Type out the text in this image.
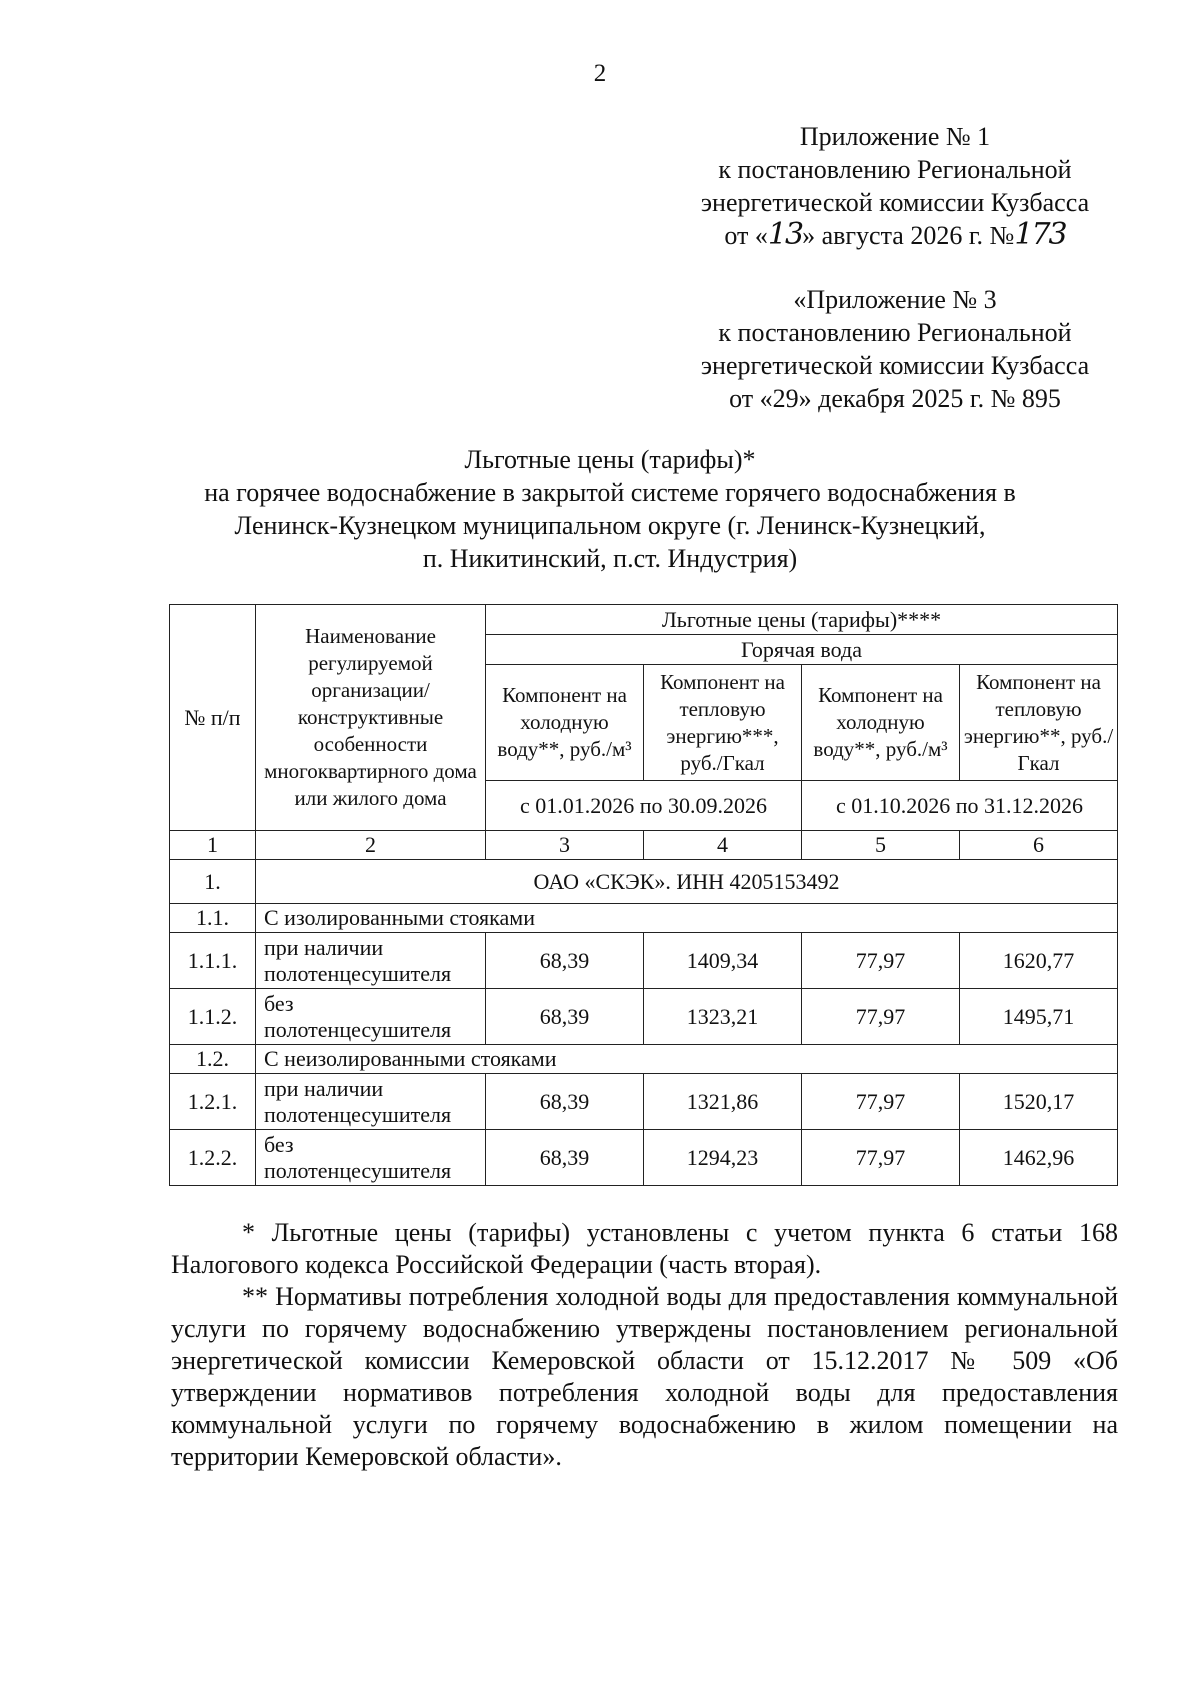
2
Приложение № 1
к постановлению Региональной
энергетической комиссии Кузбасса
от «13» августа 2026 г. №173
«Приложение № 3
к постановлению Региональной
энергетической комиссии Кузбасса
от «29» декабря 2025 г. № 895
Льготные цены (тарифы)*
на горячее водоснабжение в закрытой системе горячего водоснабжения в
Ленинск-Кузнецком муниципальном округе (г. Ленинск-Кузнецкий,
п. Никитинский, п.ст. Индустрия)
№ п/п	Наименование регулируемой организации/ конструктивные особенности многоквартирного дома или жилого дома	Льготные цены (тарифы)****			
		Горячая вода			
		Компонент на холодную воду**, руб./м³	Компонент на тепловую энергию***, руб./Гкал	Компонент на холодную воду**, руб./м³	Компонент на тепловую энергию**, руб./Гкал
		с 01.01.2026 по 30.09.2026		с 01.10.2026 по 31.12.2026	
1	2	3	4	5	6
1.	ОАО «СКЭК». ИНН 4205153492				
1.1.	С изолированными стояками				
1.1.1.	при наличии полотенцесушителя	68,39	1409,34	77,97	1620,77
1.1.2.	без полотенцесушителя	68,39	1323,21	77,97	1495,71
1.2.	С неизолированными стояками				
1.2.1.	при наличии полотенцесушителя	68,39	1321,86	77,97	1520,17
1.2.2.	без полотенцесушителя	68,39	1294,23	77,97	1462,96

* Льготные цены (тарифы) установлены с учетом пункта 6 статьи 168 Налогового кодекса Российской Федерации (часть вторая).

** Нормативы потребления холодной воды для предоставления коммунальной услуги по горячему водоснабжению утверждены постановлением региональной энергетической комиссии Кемеровской области от 15.12.2017 № 509 «Об утверждении нормативов потребления холодной воды для предоставления коммунальной услуги по горячему водоснабжению в жилом помещении на территории Кемеровской области».
